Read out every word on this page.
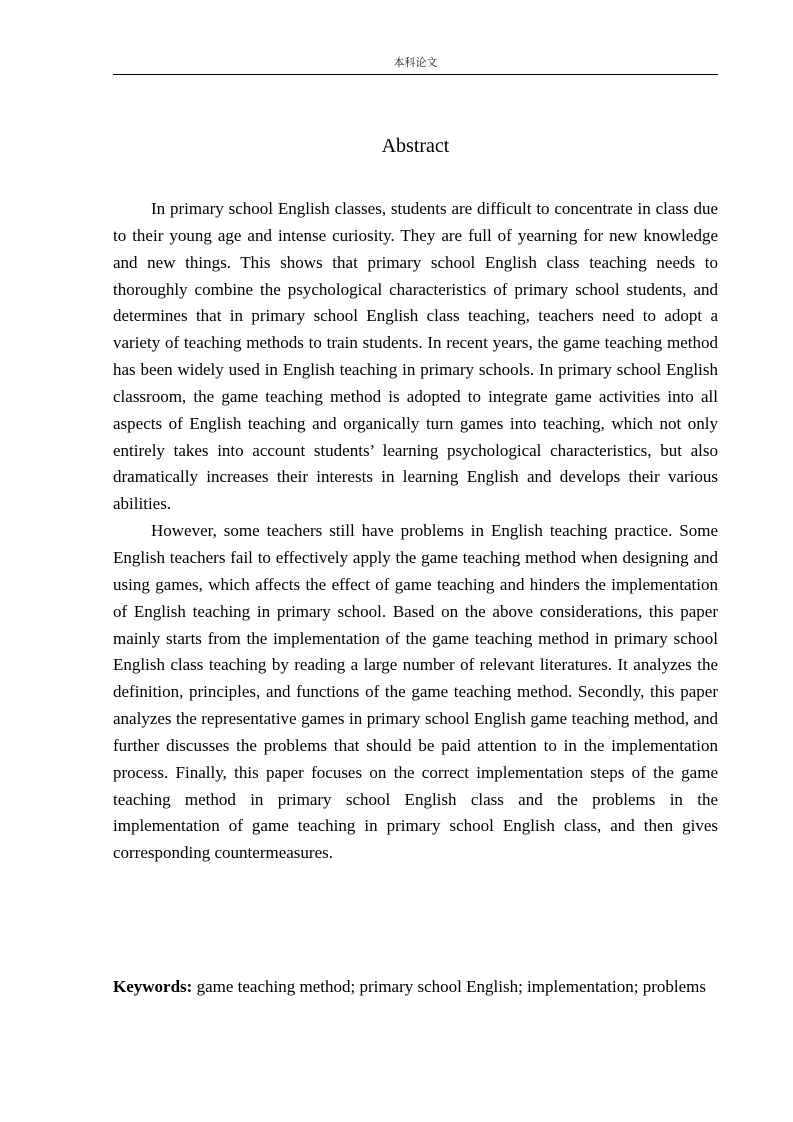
本科论文
Abstract

In primary school English classes, students are difficult to concentrate in class due to their young age and intense curiosity. They are full of yearning for new knowledge and new things. This shows that primary school English class teaching needs to thoroughly combine the psychological characteristics of primary school students, and determines that in primary school English class teaching, teachers need to adopt a variety of teaching methods to train students. In recent years, the game teaching method has been widely used in English teaching in primary schools. In primary school English classroom, the game teaching method is adopted to integrate game activities into all aspects of English teaching and organically turn games into teaching, which not only entirely takes into account students’ learning psychological characteristics, but also dramatically increases their interests in learning English and develops their various abilities.

However, some teachers still have problems in English teaching practice. Some English teachers fail to effectively apply the game teaching method when designing and using games, which affects the effect of game teaching and hinders the implementation of English teaching in primary school. Based on the above considerations, this paper mainly starts from the implementation of the game teaching method in primary school English class teaching by reading a large number of relevant literatures. It analyzes the definition, principles, and functions of the game teaching method. Secondly, this paper analyzes the representative games in primary school English game teaching method, and further discusses the problems that should be paid attention to in the implementation process. Finally, this paper focuses on the correct implementation steps of the game teaching method in primary school English class and the problems in the implementation of game teaching in primary school English class, and then gives corresponding countermeasures.

Keywords: game teaching method; primary school English; implementation; problems
